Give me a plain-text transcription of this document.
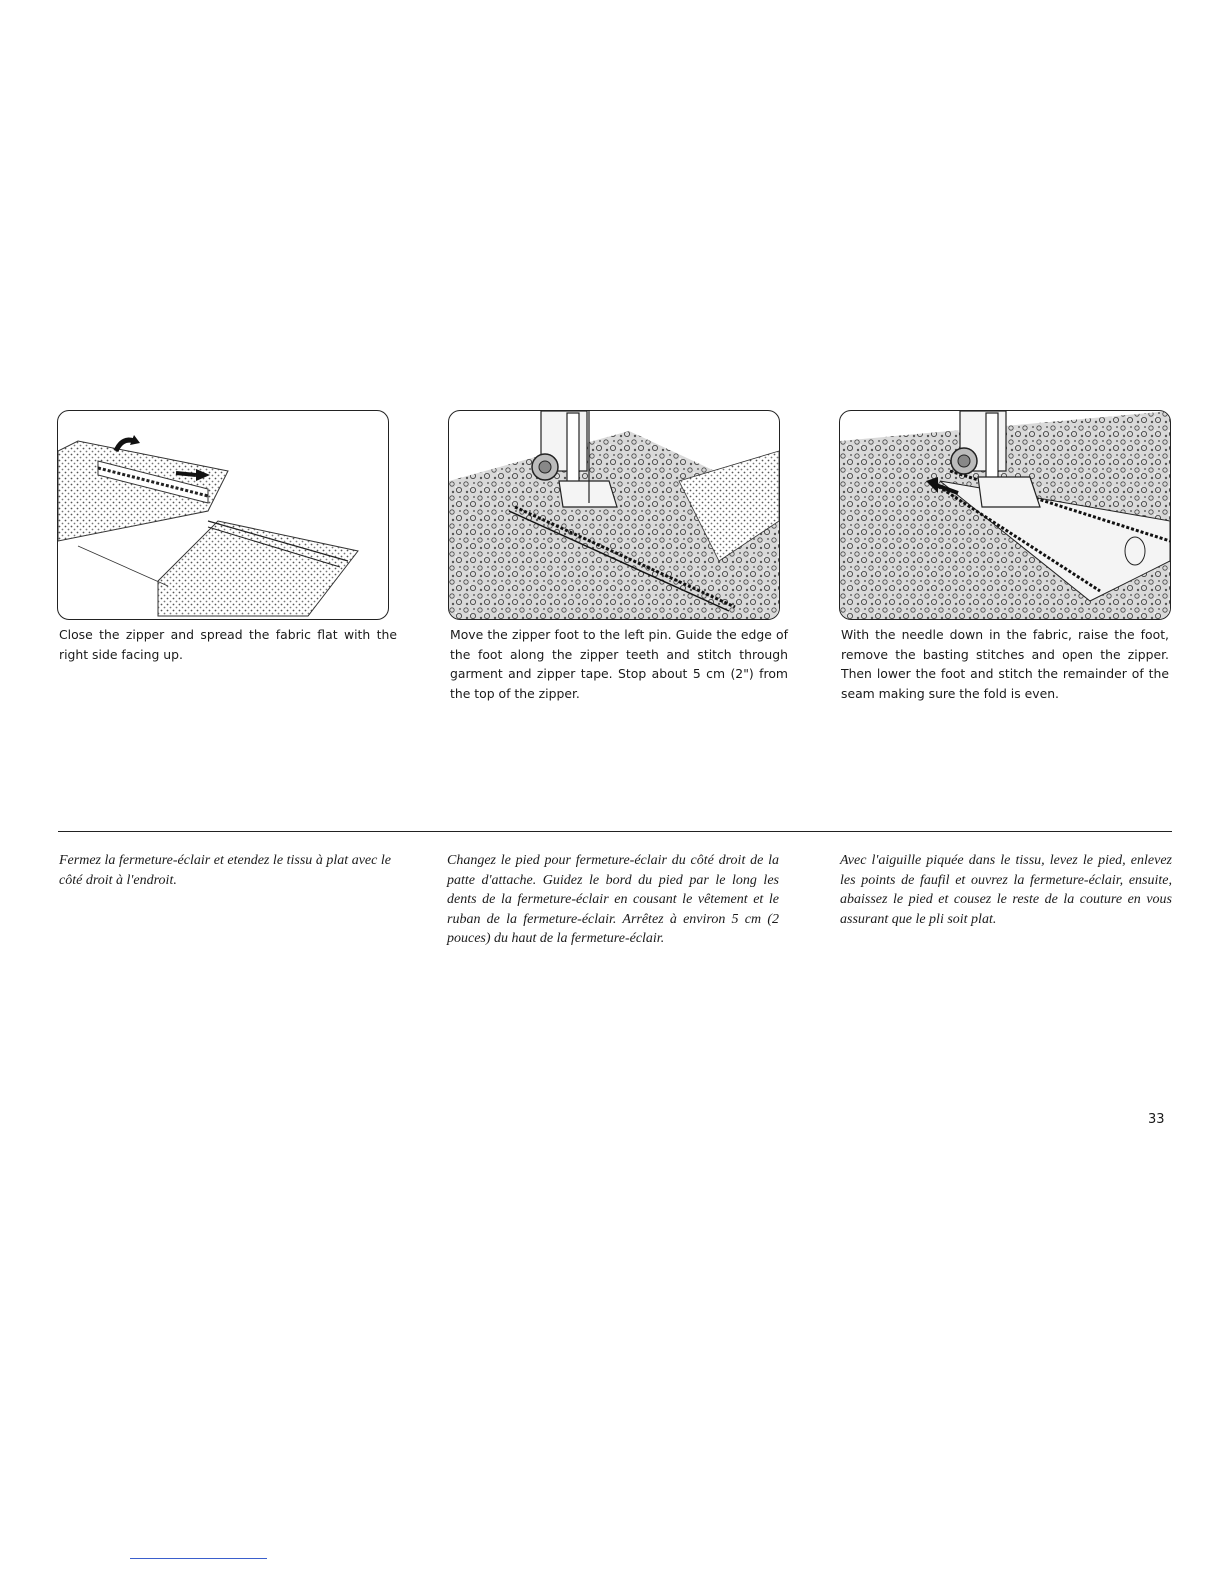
Close the zipper and spread the fabric flat with the right side facing up.

Move the zipper foot to the left pin. Guide the edge of the foot along the zipper teeth and stitch through garment and zipper tape. Stop about 5 cm (2") from the top of the zipper.

With the needle down in the fabric, raise the foot, remove the basting stitches and open the zipper. Then lower the foot and stitch the remainder of the seam making sure the fold is even.

Fermez la fermeture-éclair et etendez le tissu à plat avec le côté droit à l'endroit.

Changez le pied pour fermeture-éclair du côté droit de la patte d'attache. Guidez le bord du pied par le long les dents de la fermeture-éclair en cousant le vêtement et le ruban de la fermeture-éclair. Arrêtez à environ 5 cm (2 pouces) du haut de la fermeture-éclair.

Avec l'aiguille piquée dans le tissu, levez le pied, enlevez les points de faufil et ouvrez la fermeture-éclair, ensuite, abaissez le pied et cousez le reste de la couture en vous assurant que le pli soit plat.

33
